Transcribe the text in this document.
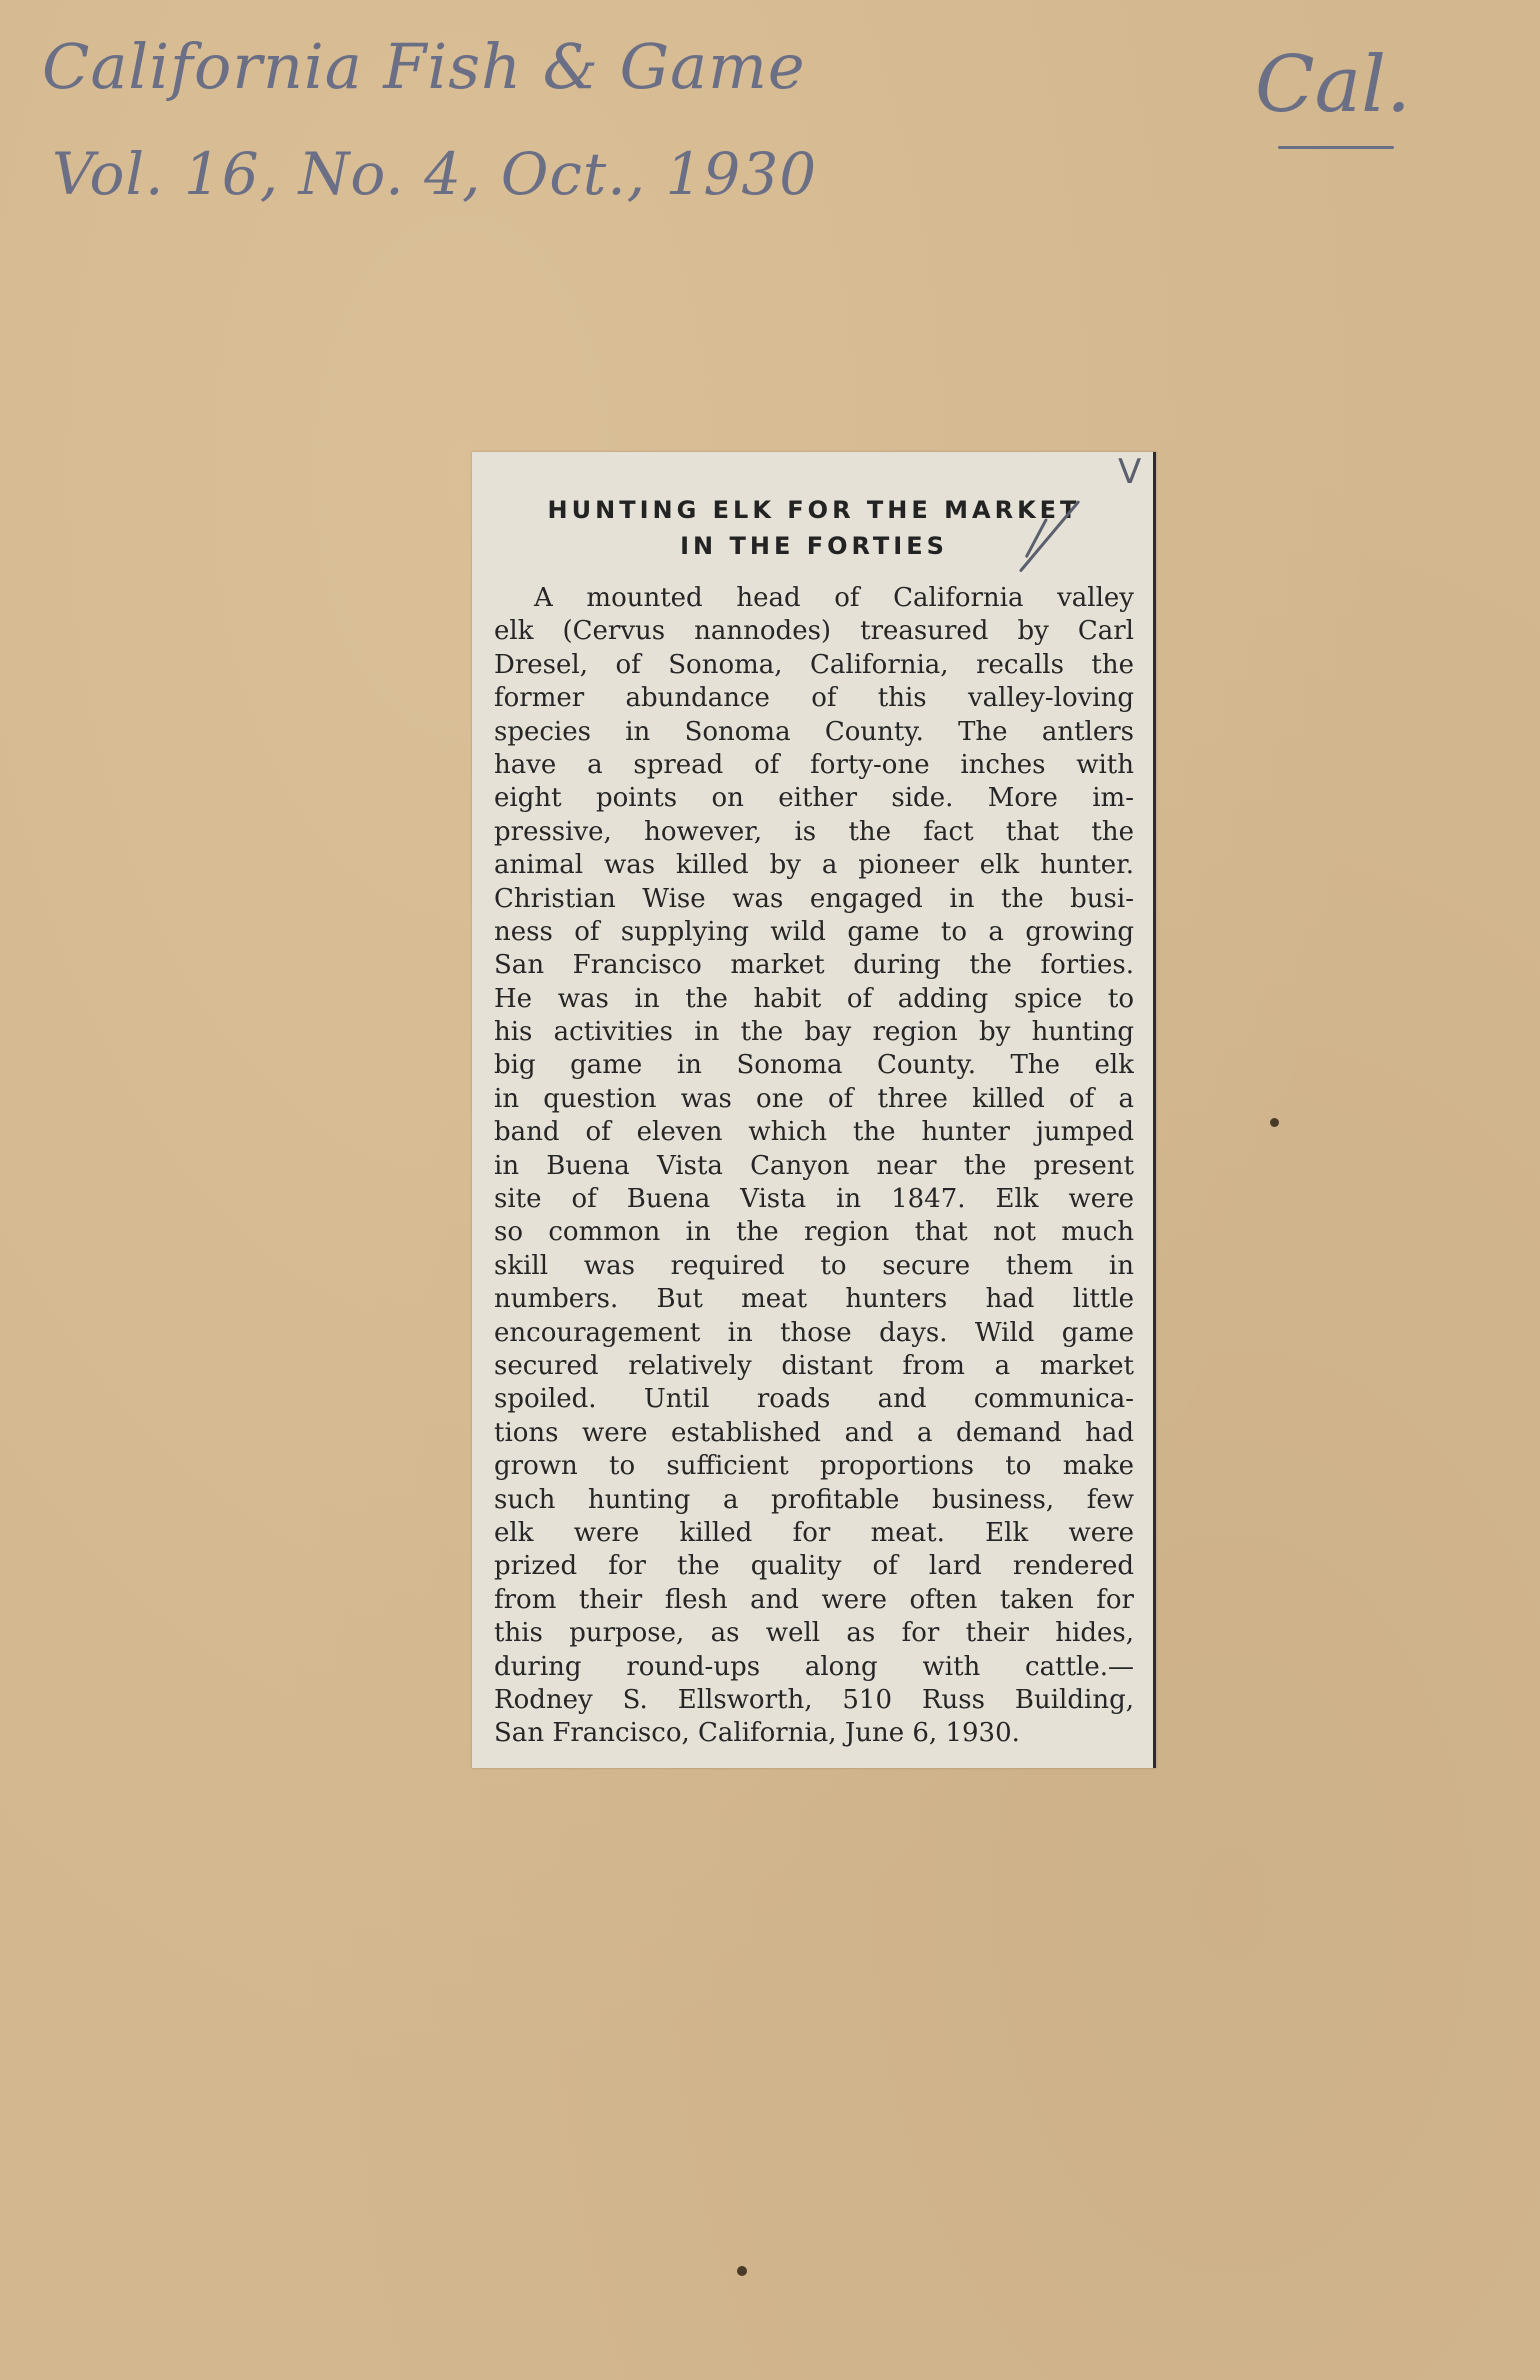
California Fish & Game
Vol. 16, No. 4, Oct., 1930
Cal.
HUNTING ELK FOR THE MARKET
IN THE FORTIES
A mounted head of California valley
elk (Cervus nannodes) treasured by Carl
Dresel, of Sonoma, California, recalls the
former abundance of this valley-loving
species in Sonoma County. The antlers
have a spread of forty-one inches with
eight points on either side. More im-
pressive, however, is the fact that the
animal was killed by a pioneer elk hunter.
Christian Wise was engaged in the busi-
ness of supplying wild game to a growing
San Francisco market during the forties.
He was in the habit of adding spice to
his activities in the bay region by hunting
big game in Sonoma County. The elk
in question was one of three killed of a
band of eleven which the hunter jumped
in Buena Vista Canyon near the present
site of Buena Vista in 1847. Elk were
so common in the region that not much
skill was required to secure them in
numbers. But meat hunters had little
encouragement in those days. Wild game
secured relatively distant from a market
spoiled. Until roads and communica-
tions were established and a demand had
grown to sufficient proportions to make
such hunting a profitable business, few
elk were killed for meat. Elk were
prized for the quality of lard rendered
from their flesh and were often taken for
this purpose, as well as for their hides,
during round-ups along with cattle.—
Rodney S. Ellsworth, 510 Russ Building,
San Francisco, California, June 6, 1930.
V
